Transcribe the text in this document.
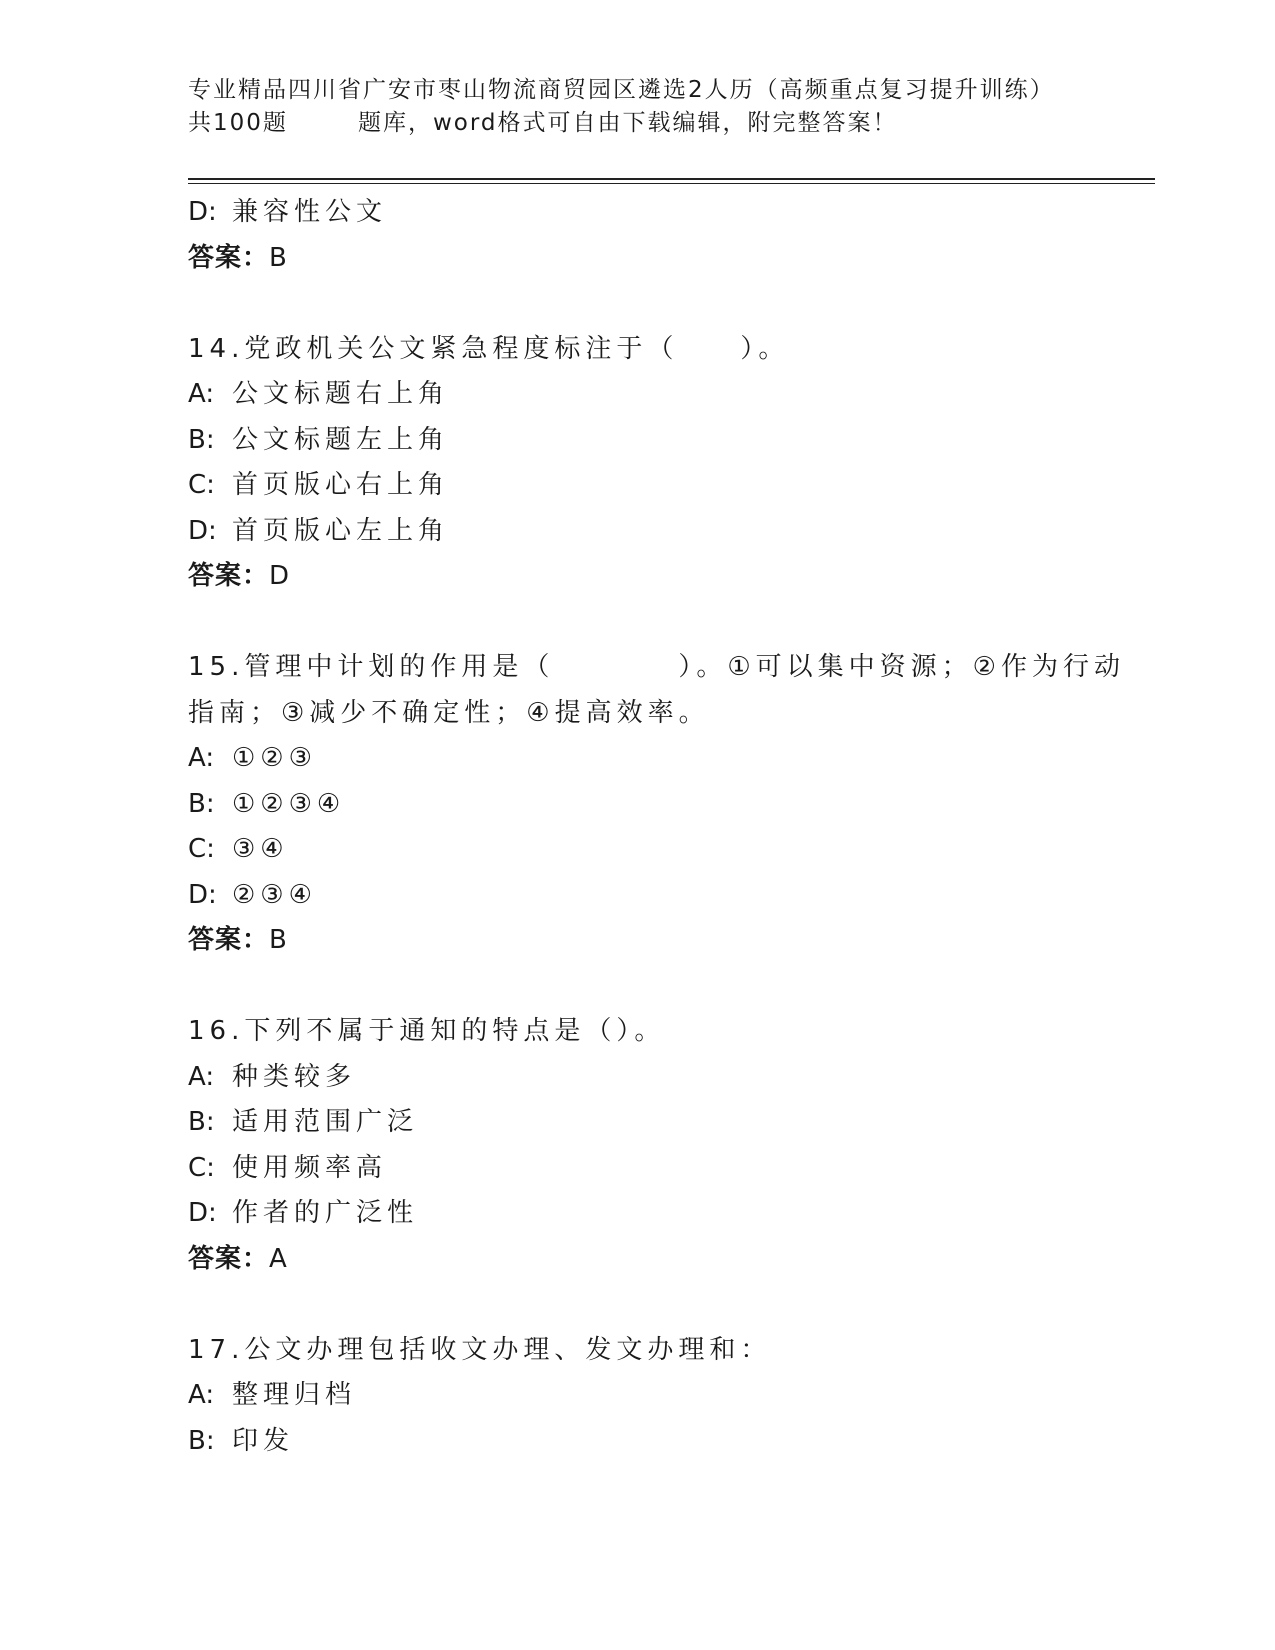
专业精品四川省广安市枣山物流商贸园区遴选2人历（高频重点复习提升训练）
共100题	题库，word格式可自由下载编辑，附完整答案！
D: 兼容性公文
答案：B
14.党政机关公文紧急程度标注于（　　）。
A: 公文标题右上角
B: 公文标题左上角
C: 首页版心右上角
D: 首页版心左上角
答案：D
15.管理中计划的作用是（　　　　）。①可以集中资源；②作为行动
指南；③减少不确定性；④提高效率。
A: ①②③
B: ①②③④
C: ③④
D: ②③④
答案：B
16.下列不属于通知的特点是（）。
A: 种类较多
B: 适用范围广泛
C: 使用频率高
D: 作者的广泛性
答案：A
17.公文办理包括收文办理、发文办理和：
A: 整理归档
B: 印发
